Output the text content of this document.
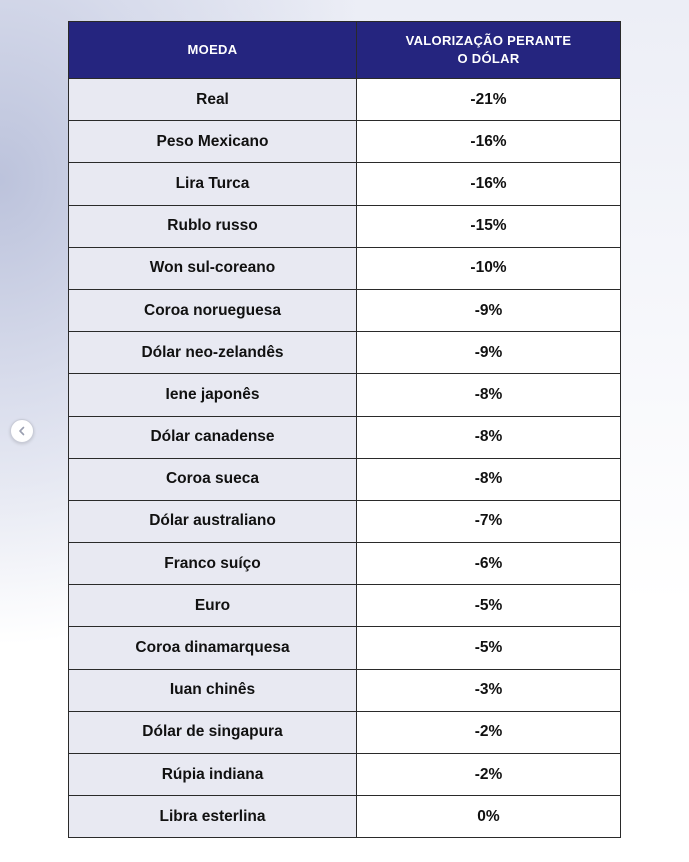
MOEDA	VALORIZAÇÃO PERANTE
O DÓLAR

Real	-21%
Peso Mexicano	-16%
Lira Turca	-16%
Rublo russo	-15%
Won sul-coreano	-10%
Coroa norueguesa	-9%
Dólar neo-zelandês	-9%
Iene japonês	-8%
Dólar canadense	-8%
Coroa sueca	-8%
Dólar australiano	-7%
Franco suíço	-6%
Euro	-5%
Coroa dinamarquesa	-5%
Iuan chinês	-3%
Dólar de singapura	-2%
Rúpia indiana	-2%
Libra esterlina	0%
